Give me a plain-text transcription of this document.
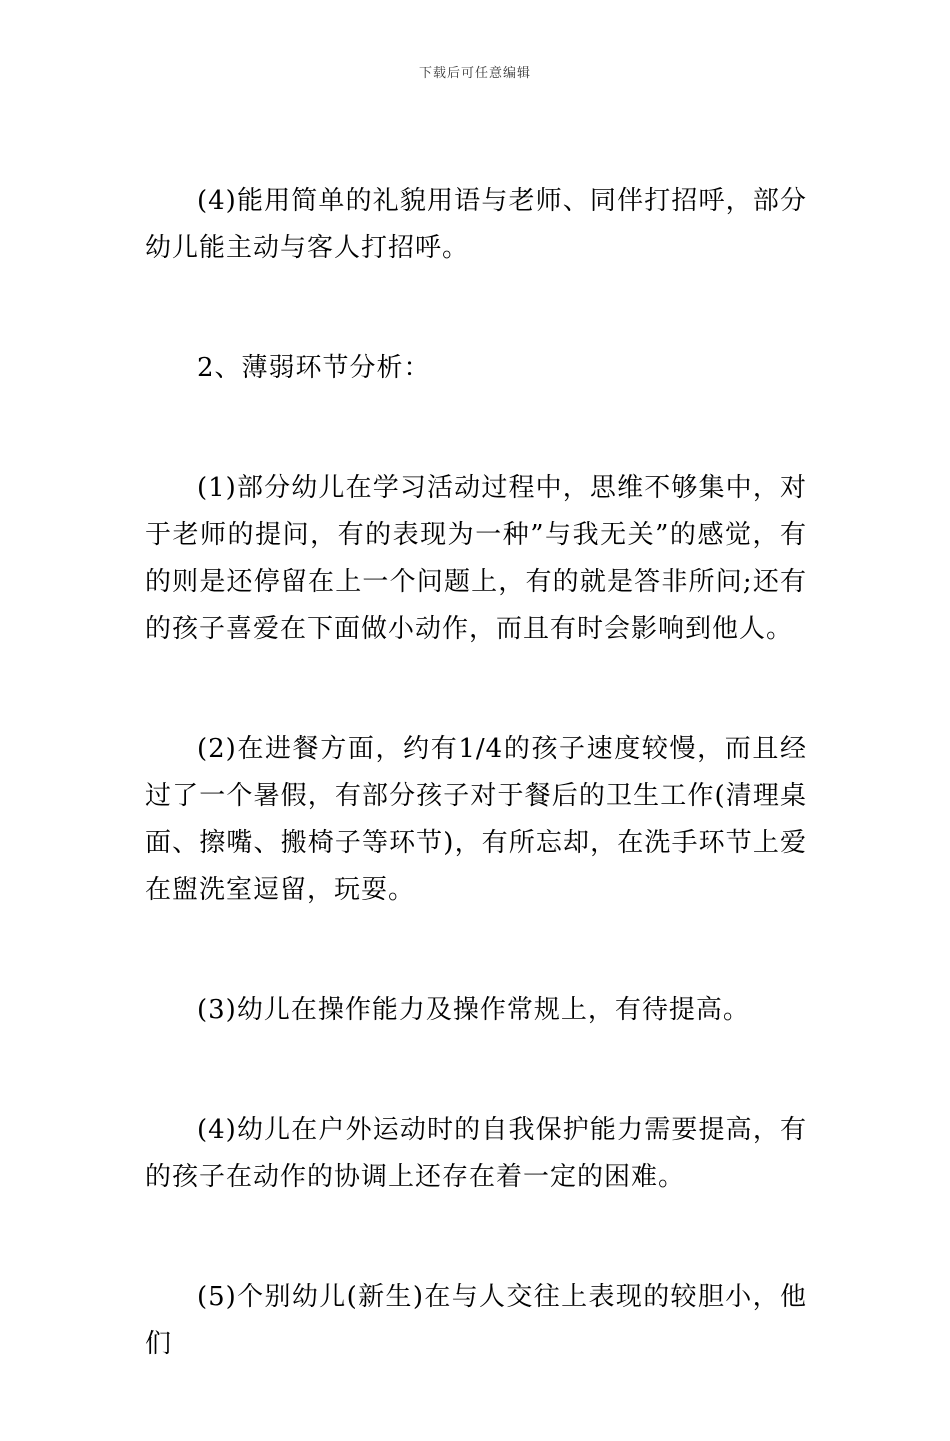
下载后可任意编辑

(4)能用简单的礼貌用语与老师、同伴打招呼，部分幼儿能主动与客人打招呼。

2、薄弱环节分析：

(1)部分幼儿在学习活动过程中，思维不够集中，对于老师的提问，有的表现为一种”与我无关”的感觉，有的则是还停留在上一个问题上，有的就是答非所问;还有的孩子喜爱在下面做小动作，而且有时会影响到他人。

(2)在进餐方面，约有1/4的孩子速度较慢，而且经过了一个暑假，有部分孩子对于餐后的卫生工作(清理桌面、擦嘴、搬椅子等环节)，有所忘却，在洗手环节上爱在盥洗室逗留，玩耍。

(3)幼儿在操作能力及操作常规上，有待提高。

(4)幼儿在户外运动时的自我保护能力需要提高，有的孩子在动作的协调上还存在着一定的困难。

(5)个别幼儿(新生)在与人交往上表现的较胆小，他们
